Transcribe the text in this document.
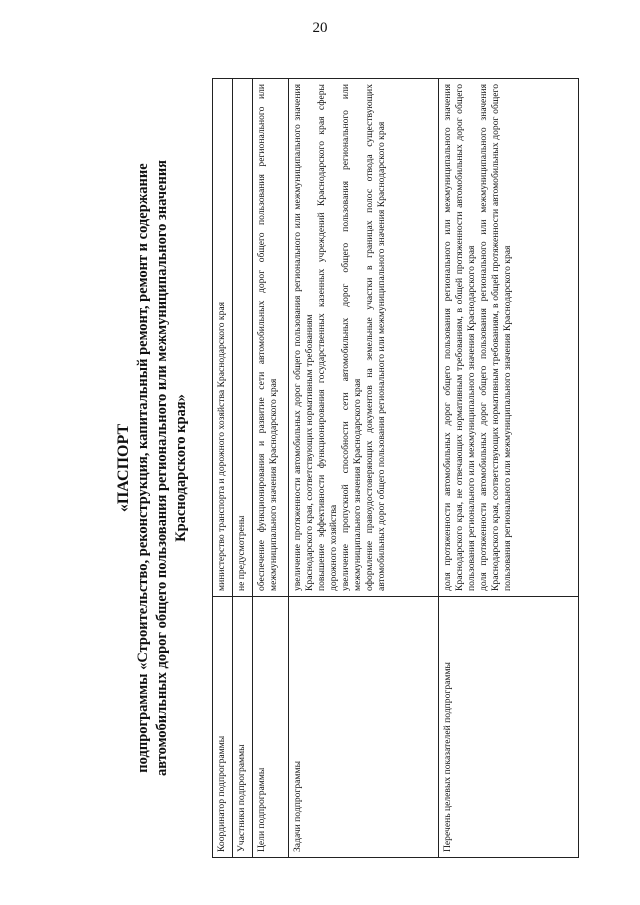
20
«ПАСПОРТ подпрограммы «Строительство, реконструкция, капитальный ремонт, ремонт и содержание автомобильных дорог общего пользования регионального или межмуниципального значения Краснодарского края»
Координатор подпрограммы	министерство транспорта и дорожного хозяйства Краснодарского края

Участники подпрограммы	не предусмотрены

Цели подпрограммы	обеспечение функционирования и развитие сети автомобильных дорог общего пользования регионального или межмуниципального значения Краснодарского края

Задачи подпрограммы	увеличение протяженности автомобильных дорог общего пользования регионального или межмуниципального значения Краснодарского края, соответствующих нормативным требованиям повышение эффективности функционирования государственных казенных учреждений Краснодарского края сферы дорожного хозяйства увеличение пропускной способности сети автомобильных дорог общего пользования регионального или межмуниципального значения Краснодарского края оформление правоудостоверяющих документов на земельные участки в границах полос отвода существующих автомобильных дорог общего пользования регионального или межмуниципального значения Краснодарского края

Перечень целевых показателей подпрограммы	доля протяженности автомобильных дорог общего пользования регионального или межмуниципального значения Краснодарского края, не отвечающих нормативным требованиям, в общей протяженности автомобильных дорог общего пользования регионального или межмуниципального значения Краснодарского края доля протяженности автомобильных дорог общего пользования регионального или межмуниципального значения Краснодарского края, соответствующих нормативным требованиям, в общей протяженности автомобильных дорог общего пользования регионального или межмуниципального значения Краснодарского края
